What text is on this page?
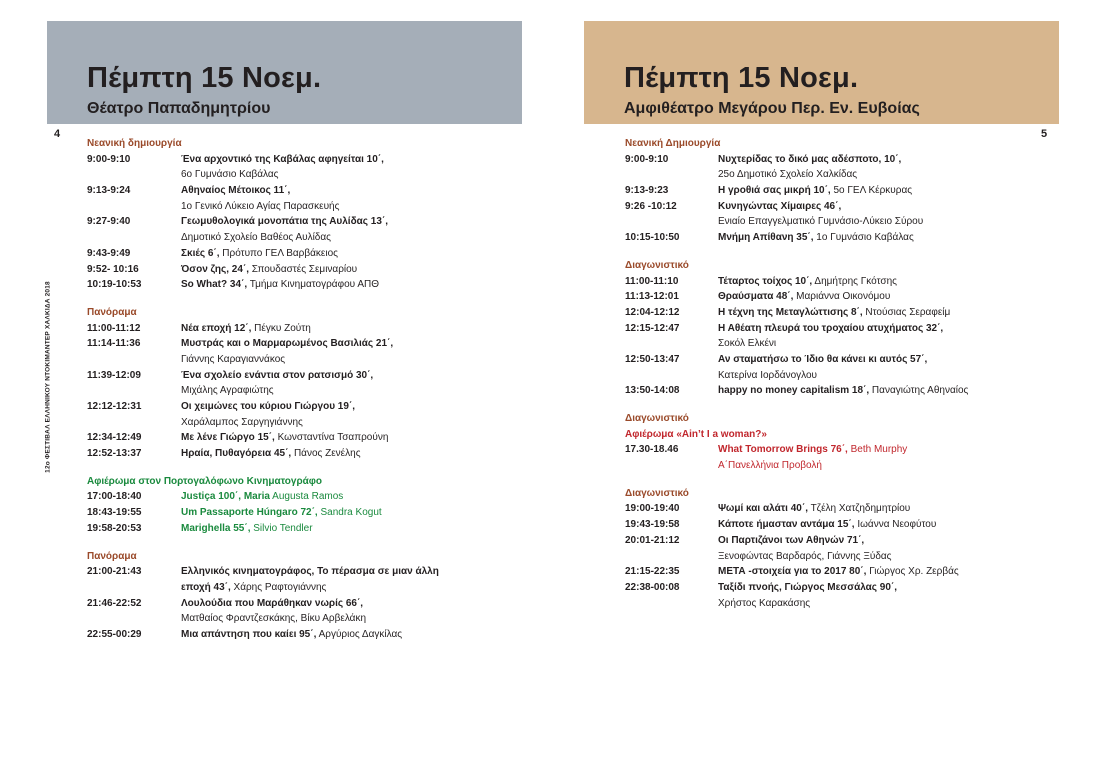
Πέμπτη 15 Νοεμ.
Θέατρο Παπαδημητρίου
4
12ο ΦΕΣΤΙΒΑΛ ΕΛΛΗΝΙΚΟΥ ΝΤΟΚΙΜΑΝΤΕΡ ΧΑΛΚΙΔΑ 2018
Νεανική δημιουργία
9:00-9:10	Ένα αρχοντικό της Καβάλας αφηγείται 10΄,
6ο Γυμνάσιο Καβάλας
9:13-9:24	Αθηναίος Μέτοικος 11΄,
1ο Γενικό Λύκειο Αγίας Παρασκευής
9:27-9:40	Γεωμυθολογικά μονοπάτια της Αυλίδας 13΄,
Δημοτικό Σχολείο Βαθέος Αυλίδας
9:43-9:49	Σκιές 6΄, Πρότυπο ΓΕΛ Βαρβάκειος
9:52- 10:16	Όσον ζης, 24΄, Σπουδαστές Σεμιναρίου
10:19-10:53	So What? 34΄, Τμήμα Κινηματογράφου ΑΠΘ
Πανόραμα
11:00-11:12	Νέα εποχή 12΄, Πέγκυ Ζούτη
11:14-11:36	Μυστράς και ο Μαρμαρωμένος Βασιλιάς 21΄,
Γιάννης Καραγιαννάκος
11:39-12:09	Ένα σχολείο ενάντια στον ρατσισμό 30΄,
Μιχάλης Αγραφιώτης
12:12-12:31	Οι χειμώνες του κύριου Γιώργου 19΄,
Χαράλαμπος Σαργηγιάννης
12:34-12:49	Με λένε Γιώργο 15΄, Κωνσταντίνα Τσαπρούνη
12:52-13:37	Ηραία, Πυθαγόρεια 45΄, Πάνος Ζενέλης
Αφιέρωμα στον Πορτογαλόφωνο Κινηματογράφο
17:00-18:40	Justiça 100΄, Maria Augusta Ramos
18:43-19:55	Um Passaporte Húngaro 72΄, Sandra Kogut
19:58-20:53	Marighella 55΄, Silvio Tendler
Πανόραμα
21:00-21:43	Ελληνικός κινηματογράφος, Το πέρασμα σε μιαν άλλη
εποχή 43΄, Χάρης Ραφτογιάννης
21:46-22:52	Λουλούδια που Μαράθηκαν νωρίς 66΄,
Ματθαίος Φραντζεσκάκης, Βίκυ Αρβελάκη
22:55-00:29	Μια απάντηση που καίει 95΄, Αργύριος Δαγκίλας
Πέμπτη 15 Νοεμ.
Αμφιθέατρο Μεγάρου Περ. Εν. Ευβοίας
5
Νεανική Δημιουργία
9:00-9:10	Νυχτερίδας το δικό μας αδέσποτο, 10΄,
25ο Δημοτικό Σχολείο Χαλκίδας
9:13-9:23	Η γροθιά σας μικρή 10΄, 5ο ΓΕΛ Κέρκυρας
9:26 -10:12	Κυνηγώντας Χίμαιρες 46΄,
Ενιαίο Επαγγελματικό Γυμνάσιο-Λύκειο Σύρου
10:15-10:50	Μνήμη Απίθανη 35΄, 1ο Γυμνάσιο Καβάλας
Διαγωνιστικό
11:00-11:10	Τέταρτος τοίχος 10΄, Δημήτρης Γκότσης
11:13-12:01	Θραύσματα 48΄, Μαριάννα Οικονόμου
12:04-12:12	Η τέχνη της Μεταγλώττισης 8΄, Ντούσιας Σεραφείμ
12:15-12:47	Η Αθέατη πλευρά του τροχαίου ατυχήματος 32΄,
Σοκόλ Ελκένι
12:50-13:47	Αν σταματήσω το Ίδιο θα κάνει κι αυτός 57΄,
Κατερίνα Ιορδάνογλου
13:50-14:08	happy no money capitalism 18΄, Παναγιώτης Αθηναίος
Διαγωνιστικό
Αφιέρωμα «Ain’t I a woman?»
17.30-18.46	What Tomorrow Brings 76΄, Beth Murphy
Α΄Πανελλήνια Προβολή
Διαγωνιστικό
19:00-19:40	Ψωμί και αλάτι 40΄, Τζέλη Χατζηδημητρίου
19:43-19:58	Κάποτε ήμασταν αντάμα 15΄, Ιωάννα Νεοφύτου
20:01-21:12	Οι Παρτιζάνοι των Αθηνών 71΄,
Ξενοφώντας Βαρδαρός, Γιάννης Ξύδας
21:15-22:35	ΜΕΤΑ -στοιχεία για το 2017 80΄, Γιώργος Χρ. Ζερβάς
22:38-00:08	Ταξίδι πνοής, Γιώργος Μεσσάλας 90΄,
Χρήστος Καρακάσης
